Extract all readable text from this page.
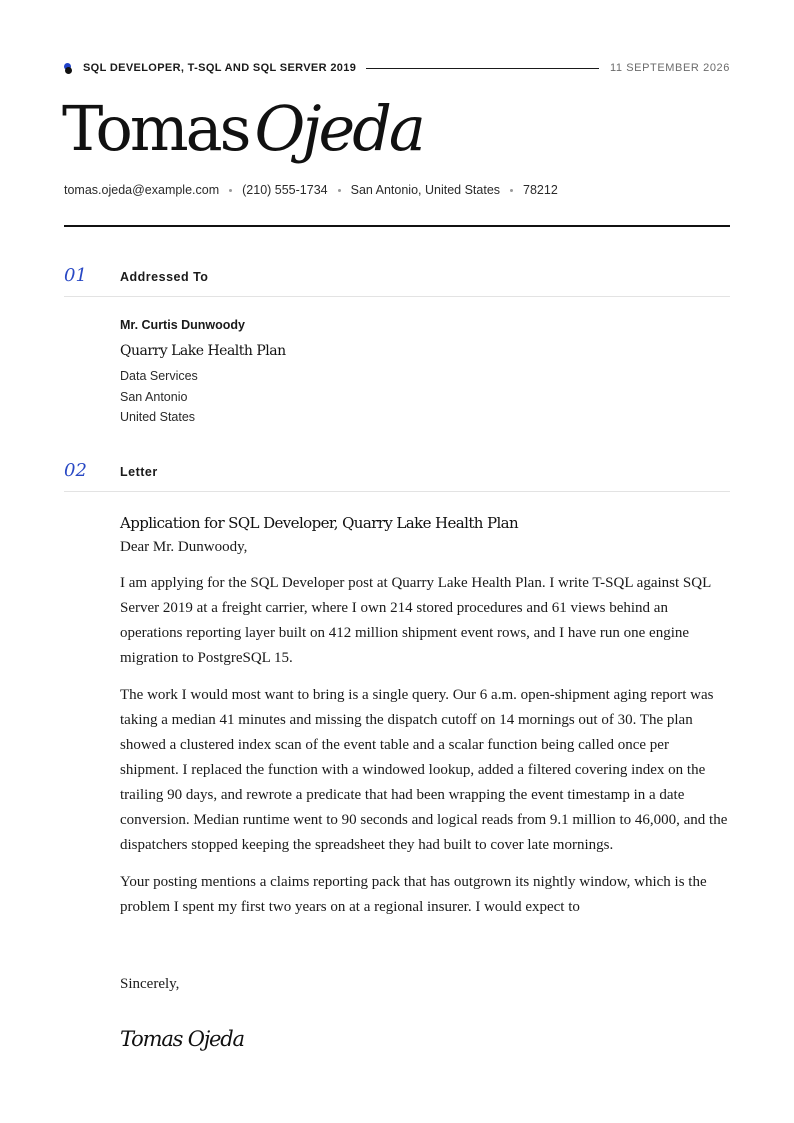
SQL DEVELOPER, T-SQL AND SQL SERVER 2019	11 SEPTEMBER 2026
TomasOjeda
tomas.ojeda@example.com (210) 555-1734 San Antonio, United States 78212
01	Addressed To
Mr. Curtis Dunwoody
Quarry Lake Health Plan
Data Services
San Antonio
United States
02	Letter
Application for SQL Developer, Quarry Lake Health Plan
Dear Mr. Dunwoody,

I am applying for the SQL Developer post at Quarry Lake Health Plan. I write T-SQL against SQL Server 2019 at a freight carrier, where I own 214 stored procedures and 61 views behind an operations reporting layer built on 412 million shipment event rows, and I have run one engine migration to PostgreSQL 15.

The work I would most want to bring is a single query. Our 6 a.m. open-shipment aging report was taking a median 41 minutes and missing the dispatch cutoff on 14 mornings out of 30. The plan showed a clustered index scan of the event table and a scalar function being called once per shipment. I replaced the function with a windowed lookup, added a filtered covering index on the trailing 90 days, and rewrote a predicate that had been wrapping the event timestamp in a date conversion. Median runtime went to 90 seconds and logical reads from 9.1 million to 46,000, and the dispatchers stopped keeping the spreadsheet they had built to cover late mornings.

Your posting mentions a claims reporting pack that has outgrown its nightly window, which is the problem I spent my first two years on at a regional insurer. I would expect to

Sincerely,
Tomas Ojeda
